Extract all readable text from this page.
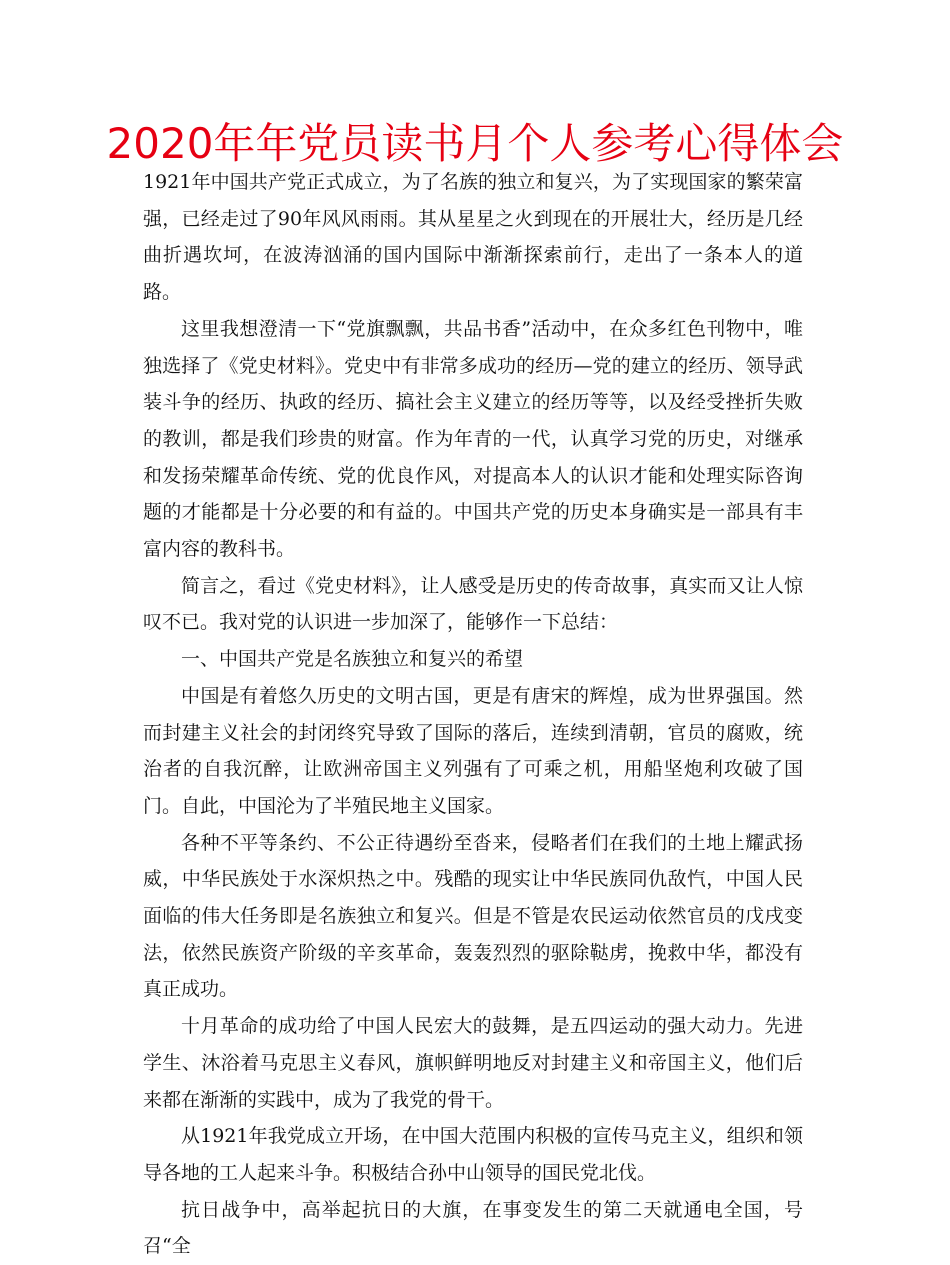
2020年年党员读书月个人参考心得体会

1921年中国共产党正式成立，为了名族的独立和复兴，为了实现国家的繁荣富强，已经走过了90年风风雨雨。其从星星之火到现在的开展壮大，经历是几经曲折遇坎坷，在波涛汹涌的国内国际中渐渐探索前行，走出了一条本人的道路。

这里我想澄清一下“党旗飘飘，共品书香”活动中，在众多红色刊物中，唯独选择了《党史材料》。党史中有非常多成功的经历—党的建立的经历、领导武装斗争的经历、执政的经历、搞社会主义建立的经历等等，以及经受挫折失败的教训，都是我们珍贵的财富。作为年青的一代，认真学习党的历史，对继承和发扬荣耀革命传统、党的优良作风，对提高本人的认识才能和处理实际咨询题的才能都是十分必要的和有益的。中国共产党的历史本身确实是一部具有丰富内容的教科书。

简言之，看过《党史材料》，让人感受是历史的传奇故事，真实而又让人惊叹不已。我对党的认识进一步加深了，能够作一下总结：

一、中国共产党是名族独立和复兴的希望

中国是有着悠久历史的文明古国，更是有唐宋的辉煌，成为世界强国。然而封建主义社会的封闭终究导致了国际的落后，连续到清朝，官员的腐败，统治者的自我沉醉，让欧洲帝国主义列强有了可乘之机，用船坚炮利攻破了国门。自此，中国沦为了半殖民地主义国家。

各种不平等条约、不公正待遇纷至沓来，侵略者们在我们的土地上耀武扬威，中华民族处于水深炽热之中。残酷的现实让中华民族同仇敌忾，中国人民面临的伟大任务即是名族独立和复兴。但是不管是农民运动依然官员的戊戌变法，依然民族资产阶级的辛亥革命，轰轰烈烈的驱除鞑虏，挽救中华，都没有真正成功。

十月革命的成功给了中国人民宏大的鼓舞，是五四运动的强大动力。先进学生、沐浴着马克思主义春风，旗帜鲜明地反对封建主义和帝国主义，他们后来都在渐渐的实践中，成为了我党的骨干。

从1921年我党成立开场，在中国大范围内积极的宣传马克主义，组织和领导各地的工人起来斗争。积极结合孙中山领导的国民党北伐。

抗日战争中，高举起抗日的大旗，在事变发生的第二天就通电全国，号召“全
